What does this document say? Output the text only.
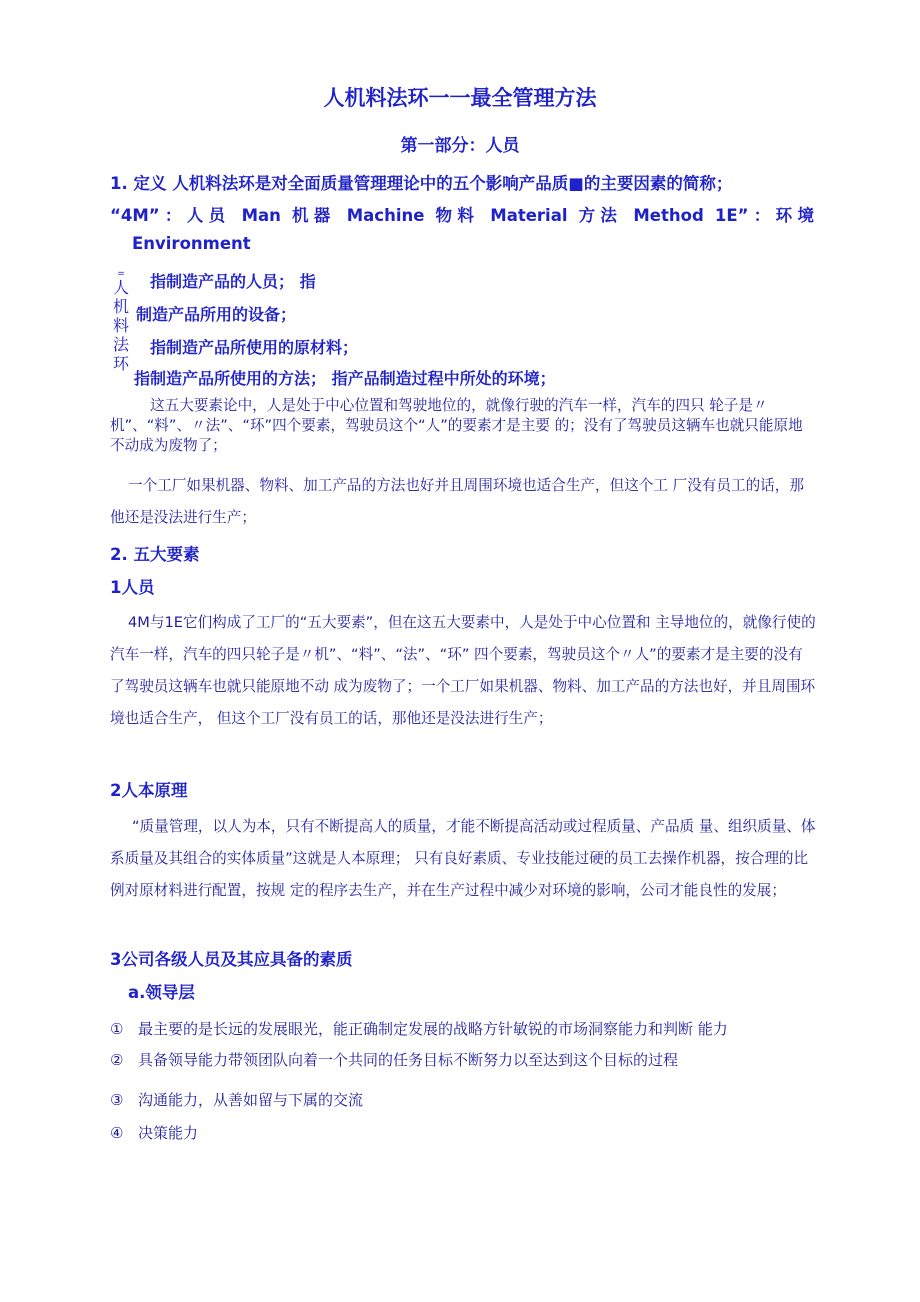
人机料法环一一最全管理方法
第一部分：人员
1. 定义 人机料法环是对全面质量管理理论中的五个影响产品质■的主要因素的简称；
“4M”：人员 Man 机器 Machine 物料 Material 方法 Method 1E”：环境
Environment
=
人
机
料
法
环
指制造产品的人员； 指
制造产品所用的设备；
指制造产品所使用的原材料；
指制造产品所使用的方法； 指产品制造过程中所处的环境；
这五大要素论中，人是处于中心位置和驾驶地位的，就像行驶的汽车一样，汽车的四只 轮子是〃机”、“料”、〃法”、“环”四个要素，驾驶员这个“人”的要素才是主要 的；没有了驾驶员这辆车也就只能原地不动成为废物了；
一个工厂如果机器、物料、加工产品的方法也好并且周围环境也适合生产，但这个工 厂没有员工的话，那他还是没法进行生产；
2. 五大要素
1人员
4M与1E它们构成了工厂的“五大要素”，但在这五大要素中，人是处于中心位置和 主导地位的，就像行使的汽车一样，汽车的四只轮子是〃机”、“料”、“法”、“环” 四个要素，驾驶员这个〃人”的要素才是主要的没有了驾驶员这辆车也就只能原地不动 成为废物了；一个工厂如果机器、物料、加工产品的方法也好，并且周围环境也适合生产， 但这个工厂没有员工的话，那他还是没法进行生产；
2人本原理
“质量管理，以人为本，只有不断提高人的质量，才能不断提高活动或过程质量、产品质 量、组织质量、体系质量及其组合的实体质量”这就是人本原理； 只有良好素质、专业技能过硬的员工去操作机器，按合理的比例对原材料进行配置，按规 定的程序去生产，并在生产过程中减少对环境的影响，公司才能良性的发展；
3公司各级人员及其应具备的素质
a.领导层
① 最主要的是长远的发展眼光，能正确制定发展的战略方针敏锐的市场洞察能力和判断 能力
② 具备领导能力带领团队向着一个共同的任务目标不断努力以至达到这个目标的过程
③ 沟通能力，从善如留与下属的交流
④ 决策能力
